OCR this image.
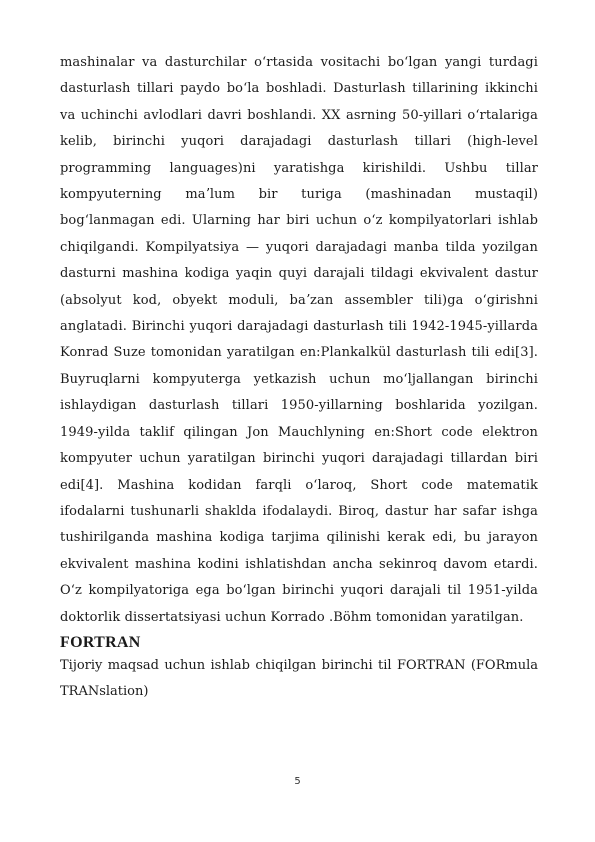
mashinalar va dasturchilar oʻrtasida vositachi boʻlgan yangi turdagi dasturlash tillari paydo boʻla boshladi. Dasturlash tillarining ikkinchi va uchinchi avlodlari davri boshlandi. XX asrning 50-yillari oʻrtalariga kelib, birinchi yuqori darajadagi dasturlash tillari (high-level programming languages)ni yaratishga kirishildi. Ushbu tillar kompyuterning maʼlum bir turiga (mashinadan mustaqil) bogʻlanmagan edi. Ularning har biri uchun oʻz kompilyatorlari ishlab chiqilgandi. Kompilyatsiya — yuqori darajadagi manba tilda yozilgan dasturni mashina kodiga yaqin quyi darajali tildagi ekvivalent dastur (absolyut kod, obyekt moduli, baʼzan assembler tili)ga oʻgirishni anglatadi. Birinchi yuqori darajadagi dasturlash tili 1942-1945-yillarda Konrad Suze tomonidan yaratilgan en:Plankalkül dasturlash tili edi[3]. Buyruqlarni kompyuterga yetkazish uchun moʻljallangan birinchi ishlaydigan dasturlash tillari 1950-yillarning boshlarida yozilgan. 1949-yilda taklif qilingan Jon Mauchlyning en:Short code elektron kompyuter uchun yaratilgan birinchi yuqori darajadagi tillardan biri edi[4]. Mashina kodidan farqli oʻlaroq, Short code matematik ifodalarni tushunarli shaklda ifodalaydi. Biroq, dastur har safar ishga tushirilganda mashina kodiga tarjima qilinishi kerak edi, bu jarayon ekvivalent mashina kodini ishlatishdan ancha sekinroq davom etardi. Oʻz kompilyatoriga ega boʻlgan birinchi yuqori darajali til 1951-yilda doktorlik dissertatsiyasi uchun Korrado .Böhm tomonidan yaratilgan.

FORTRAN

Tijoriy maqsad uchun ishlab chiqilgan birinchi til FORTRAN (FORmula TRANslation)

5
